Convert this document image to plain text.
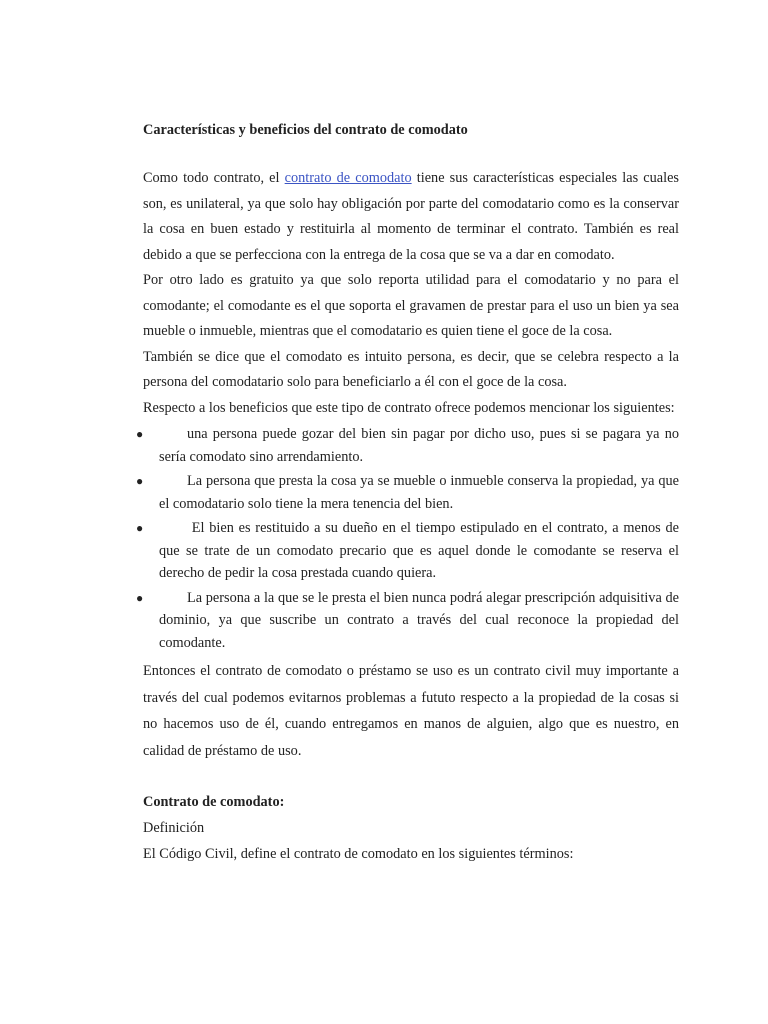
Características y beneficios del contrato de comodato

Como todo contrato, el contrato de comodato tiene sus características especiales las cuales son, es unilateral, ya que solo hay obligación por parte del comodatario como es la conservar la cosa en buen estado y restituirla al momento de terminar el contrato. También es real debido a que se perfecciona con la entrega de la cosa que se va a dar en comodato.

Por otro lado es gratuito ya que solo reporta utilidad para el comodatario y no para el comodante; el comodante es el que soporta el gravamen de prestar para el uso un bien ya sea mueble o inmueble, mientras que el comodatario es quien tiene el goce de la cosa.

También se dice que el comodato es intuito persona, es decir, que se celebra respecto a la persona del comodatario solo para beneficiarlo a él con el goce de la cosa.

Respecto a los beneficios que este tipo de contrato ofrece podemos mencionar los siguientes:

●	una persona puede gozar del bien sin pagar por dicho uso, pues si se pagara ya no sería comodato sino arrendamiento.
●	La persona que presta la cosa ya se mueble o inmueble conserva la propiedad, ya que el comodatario solo tiene la mera tenencia del bien.
●	El bien es restituido a su dueño en el tiempo estipulado en el contrato, a menos de que se trate de un comodato precario que es aquel donde le comodante se reserva el derecho de pedir la cosa prestada cuando quiera.
●	La persona a la que se le presta el bien nunca podrá alegar prescripción adquisitiva de dominio, ya que suscribe un contrato a través del cual reconoce la propiedad del comodante.

Entonces el contrato de comodato o préstamo se uso es un contrato civil muy importante a través del cual podemos evitarnos problemas a fututo respecto a la propiedad de la cosas si no hacemos uso de él, cuando entregamos en manos de alguien, algo que es nuestro, en calidad de préstamo de uso.

Contrato de comodato:

Definición

El Código Civil, define el contrato de comodato en los siguientes términos:
